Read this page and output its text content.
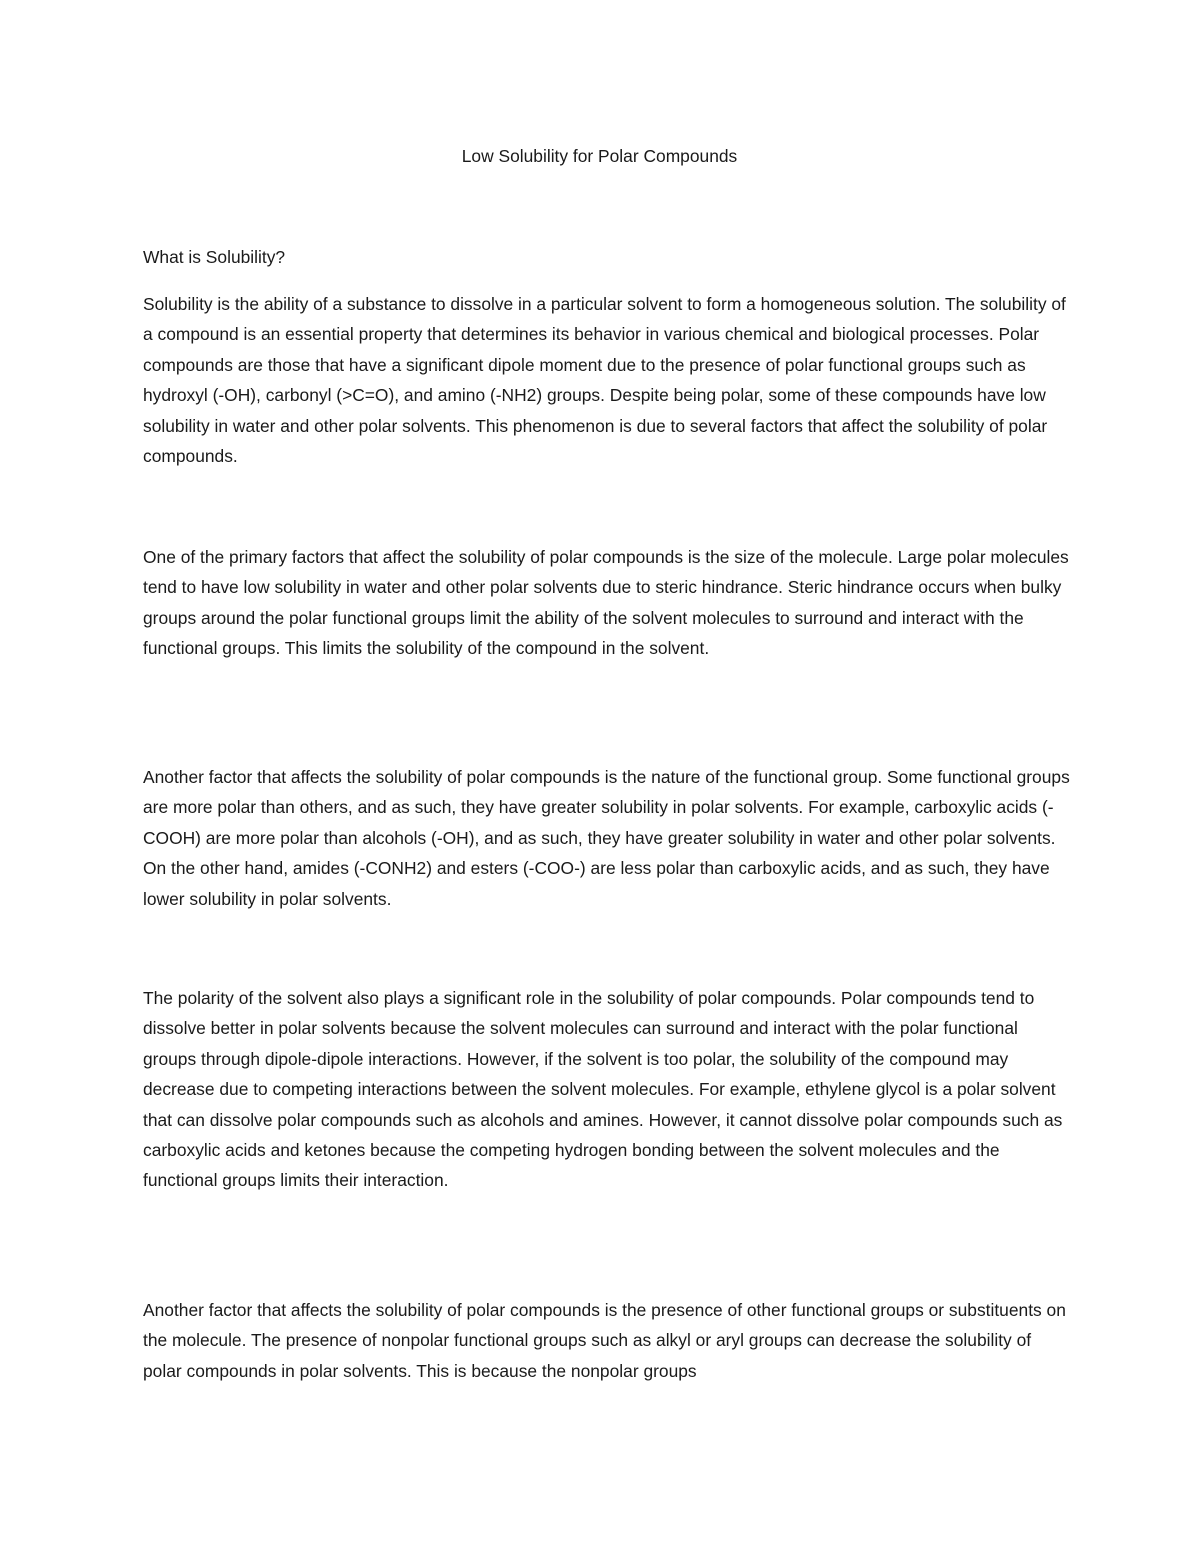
Low Solubility for Polar Compounds
What is Solubility?

Solubility is the ability of a substance to dissolve in a particular solvent to form a homogeneous solution. The solubility of a compound is an essential property that determines its behavior in various chemical and biological processes. Polar compounds are those that have a significant dipole moment due to the presence of polar functional groups such as hydroxyl (-OH), carbonyl (>C=O), and amino (-NH2) groups. Despite being polar, some of these compounds have low solubility in water and other polar solvents. This phenomenon is due to several factors that affect the solubility of polar compounds.

One of the primary factors that affect the solubility of polar compounds is the size of the molecule. Large polar molecules tend to have low solubility in water and other polar solvents due to steric hindrance. Steric hindrance occurs when bulky groups around the polar functional groups limit the ability of the solvent molecules to surround and interact with the functional groups. This limits the solubility of the compound in the solvent.

Another factor that affects the solubility of polar compounds is the nature of the functional group. Some functional groups are more polar than others, and as such, they have greater solubility in polar solvents. For example, carboxylic acids (-COOH) are more polar than alcohols (-OH), and as such, they have greater solubility in water and other polar solvents. On the other hand, amides (-CONH2) and esters (-COO-) are less polar than carboxylic acids, and as such, they have lower solubility in polar solvents.

The polarity of the solvent also plays a significant role in the solubility of polar compounds. Polar compounds tend to dissolve better in polar solvents because the solvent molecules can surround and interact with the polar functional groups through dipole-dipole interactions. However, if the solvent is too polar, the solubility of the compound may decrease due to competing interactions between the solvent molecules. For example, ethylene glycol is a polar solvent that can dissolve polar compounds such as alcohols and amines. However, it cannot dissolve polar compounds such as carboxylic acids and ketones because the competing hydrogen bonding between the solvent molecules and the functional groups limits their interaction.

Another factor that affects the solubility of polar compounds is the presence of other functional groups or substituents on the molecule. The presence of nonpolar functional groups such as alkyl or aryl groups can decrease the solubility of polar compounds in polar solvents. This is because the nonpolar groups
